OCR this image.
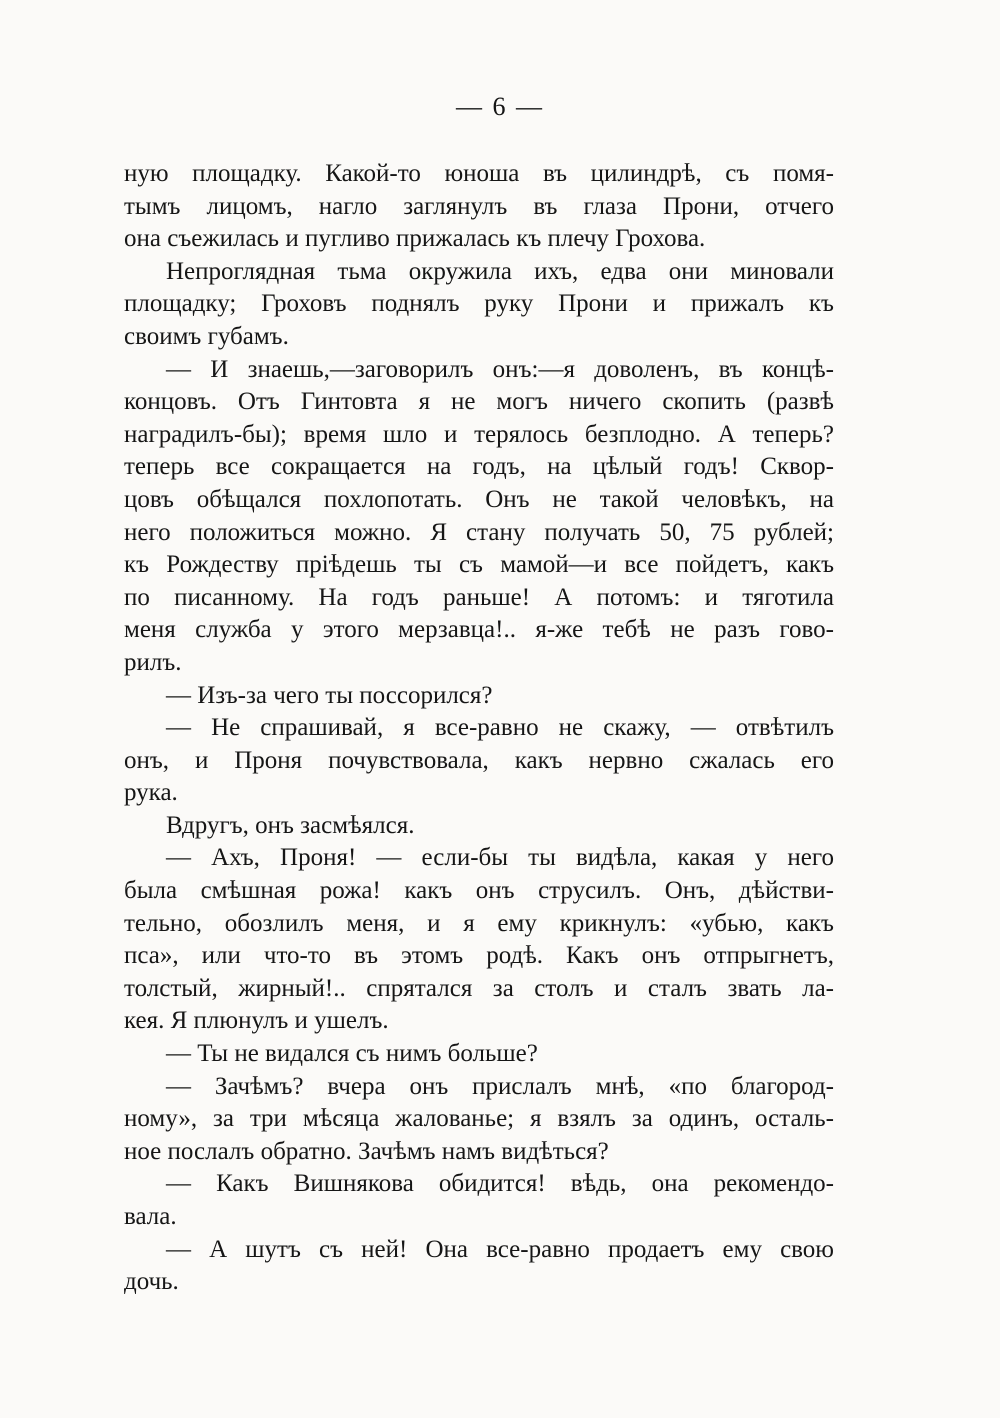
— 6 —
ную площадку. Какой-то юноша въ цилиндрѣ, съ помя-
тымъ лицомъ, нагло заглянулъ въ глаза Прони, отчего
она съежилась и пугливо прижалась къ плечу Грохова.
Непроглядная тьма окружила ихъ, едва они миновали
площадку; Гроховъ поднялъ руку Прони и прижалъ къ
своимъ губамъ.
— И знаешь,—заговорилъ онъ:—я доволенъ, въ концѣ-
концовъ. Отъ Гинтовта я не могъ ничего скопить (развѣ
наградилъ-бы); время шло и терялось безплодно. А теперь?
теперь все сокращается на годъ, на цѣлый годъ! Сквор-
цовъ обѣщался похлопотать. Онъ не такой человѣкъ, на
него положиться можно. Я стану получать 50, 75 рублей;
къ Рождеству пріѣдешь ты съ мамой—и все пойдетъ, какъ
по писанному. На годъ раньше! А потомъ: и тяготила
меня служба у этого мерзавца!.. я-же тебѣ не разъ гово-
рилъ.
— Изъ-за чего ты поссорился?
— Не спрашивай, я все-равно не скажу, — отвѣтилъ
онъ, и Проня почувствовала, какъ нервно сжалась его
рука.
Вдругъ, онъ засмѣялся.
— Ахъ, Проня! — если-бы ты видѣла, какая у него
была смѣшная рожа! какъ онъ струсилъ. Онъ, дѣйстви-
тельно, обозлилъ меня, и я ему крикнулъ: «убью, какъ
пса», или что-то въ этомъ родѣ. Какъ онъ отпрыгнетъ,
толстый, жирный!.. спрятался за столъ и сталъ звать ла-
кея. Я плюнулъ и ушелъ.
— Ты не видался съ нимъ больше?
— Зачѣмъ? вчера онъ прислалъ мнѣ, «по благород-
ному», за три мѣсяца жалованье; я взялъ за одинъ, осталь-
ное послалъ обратно. Зачѣмъ намъ видѣться?
— Какъ Вишнякова обидится! вѣдь, она рекомендо-
вала.
— А шутъ съ ней! Она все-равно продаетъ ему свою
дочь.
